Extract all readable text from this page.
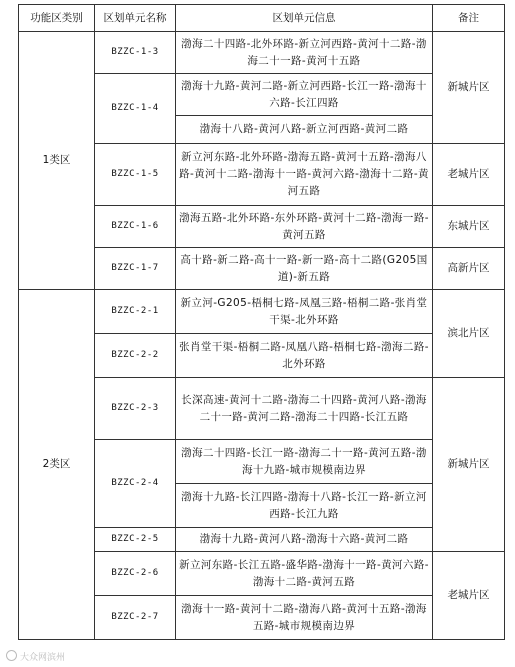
功能区类别	区划单元名称	区划单元信息	备注
1类区	BZZC-1-3	渤海二十四路-北外环路-新立河西路-黄河十二路-渤海二十一路-黄河十五路	新城片区
	BZZC-1-4	渤海十九路-黄河二路-新立河西路-长江一路-渤海十六路-长江四路	
		渤海十八路-黄河八路-新立河西路-黄河二路	
	BZZC-1-5	新立河东路-北外环路-渤海五路-黄河十五路-渤海八路-黄河十二路-渤海十一路-黄河六路-渤海十二路-黄河五路	老城片区
	BZZC-1-6	渤海五路-北外环路-东外环路-黄河十二路-渤海一路-黄河五路	东城片区
	BZZC-1-7	高十路-新二路-高十一路-新一路-高十二路(G205国道)-新五路	高新片区

2类区	BZZC-2-1	新立河-G205-梧桐七路-凤凰三路-梧桐二路-张肖堂干渠-北外环路	滨北片区
	BZZC-2-2	张肖堂干渠-梧桐二路-凤凰八路-梧桐七路-渤海二路-北外环路	
	BZZC-2-3	长深高速-黄河十二路-渤海二十四路-黄河八路-渤海二十一路-黄河二路-渤海二十四路-长江五路	新城片区
	BZZC-2-4	渤海二十四路-长江一路-渤海二十一路-黄河五路-渤海十九路-城市规模南边界	
		渤海十九路-长江四路-渤海十八路-长江一路-新立河西路-长江九路	
	BZZC-2-5	渤海十九路-黄河八路-渤海十六路-黄河二路	
	BZZC-2-6	新立河东路-长江五路-盛华路-渤海十一路-黄河六路-渤海十二路-黄河五路	老城片区
	BZZC-2-7	渤海十一路-黄河十二路-渤海八路-黄河十五路-渤海五路-城市规模南边界	
大众网滨州
